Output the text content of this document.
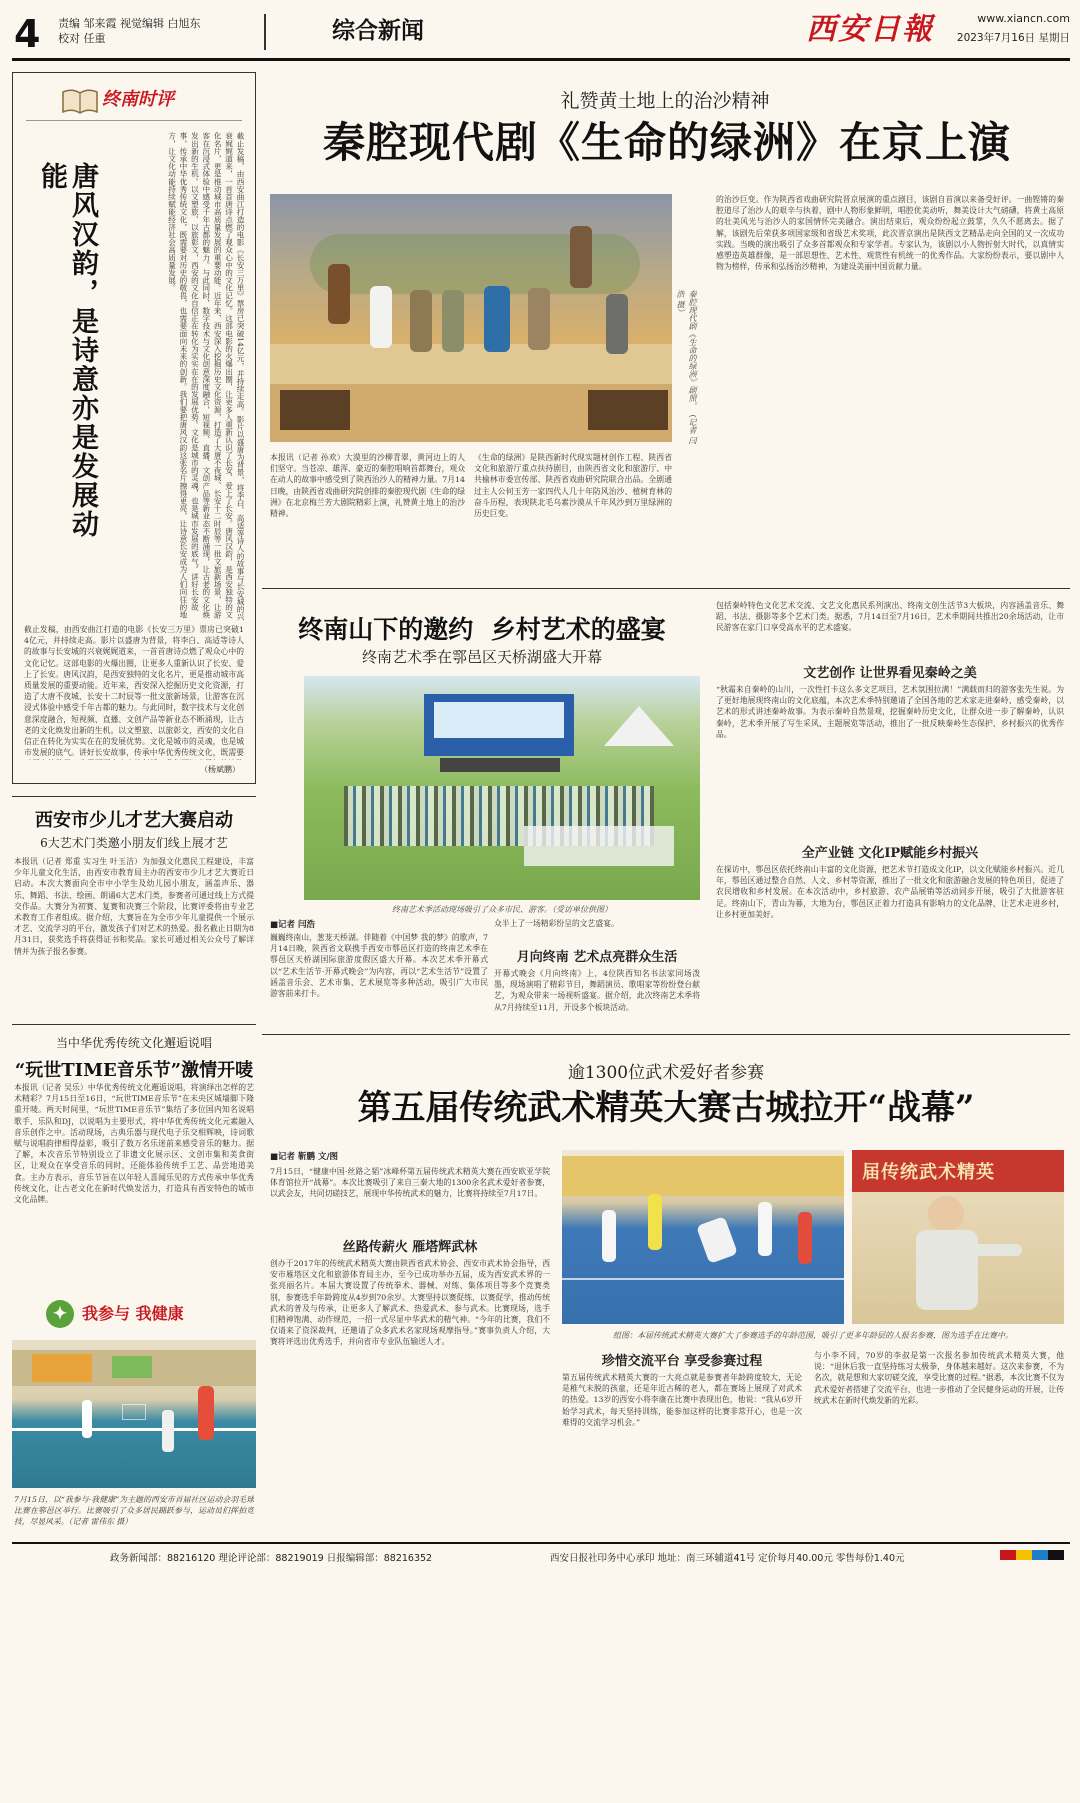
4	责编 邹来霞 视觉编辑 白旭东
校对 任重	综合新闻	西安日報	www.xiancn.com
2023年7月16日 星期日
终南时评
唐风汉韵，是诗意亦是发展动能	截止发稿，由西安曲江打造的电影《长安三万里》票房已突破14亿元，并持续走高。影片以盛唐为背景，将李白、高适等诗人的故事与长安城的兴衰娓娓道来，一首首唐诗点燃了观众心中的文化记忆。这部电影的火爆出圈，让更多人重新认识了长安、爱上了长安。唐风汉韵，是西安独特的文化名片，更是推动城市高质量发展的重要动能。近年来，西安深入挖掘历史文化资源，打造了大唐不夜城、长安十二时辰等一批文旅新场景，让游客在沉浸式体验中感受千年古都的魅力。与此同时，数字技术与文化创意深度融合，短视频、直播、文创产品等新业态不断涌现，让古老的文化焕发出新的生机。以文塑旅、以旅彰文，西安的文化自信正在转化为实实在在的发展优势。文化是城市的灵魂，也是城市发展的底气。讲好长安故事，传承中华优秀传统文化，既需要对历史的敬畏，也需要面向未来的创新。我们要把唐风汉韵这张名片擦得更亮，让诗意长安成为人们向往的地方，让文化动能持续赋能经济社会高质量发展。
截止发稿，由西安曲江打造的电影《长安三万里》票房已突破14亿元，并持续走高。影片以盛唐为背景，将李白、高适等诗人的故事与长安城的兴衰娓娓道来，一首首唐诗点燃了观众心中的文化记忆。这部电影的火爆出圈，让更多人重新认识了长安、爱上了长安。唐风汉韵，是西安独特的文化名片，更是推动城市高质量发展的重要动能。近年来，西安深入挖掘历史文化资源，打造了大唐不夜城、长安十二时辰等一批文旅新场景，让游客在沉浸式体验中感受千年古都的魅力。与此同时，数字技术与文化创意深度融合，短视频、直播、文创产品等新业态不断涌现，让古老的文化焕发出新的生机。以文塑旅、以旅彰文，西安的文化自信正在转化为实实在在的发展优势。文化是城市的灵魂，也是城市发展的底气。讲好长安故事，传承中华优秀传统文化，既需要
（杨斌鹏）
西安市少儿才艺大赛启动
6大艺术门类邀小朋友们线上展才艺
本报讯（记者 郑重 实习生 叶玉洁）为加强文化惠民工程建设，丰富少年儿童文化生活，由西安市教育局主办的西安市少儿才艺大赛近日启动。本次大赛面向全市中小学生及幼儿园小朋友，涵盖声乐、器乐、舞蹈、书法、绘画、朗诵6大艺术门类，参赛者可通过线上方式提交作品。大赛分为初赛、复赛和决赛三个阶段，比赛评委将由专业艺术教育工作者组成。据介绍，大赛旨在为全市少年儿童提供一个展示才艺、交流学习的平台，激发孩子们对艺术的热爱。报名截止日期为8月31日，获奖选手将获得证书和奖品。家长可通过相关公众号了解详情并为孩子报名参赛。
当中华优秀传统文化邂逅说唱
“玩世TIME音乐节”激情开唛
本报讯（记者 吴乐）中华优秀传统文化邂逅说唱，将演绎出怎样的艺术精彩？7月15日至16日，“玩世TIME音乐节”在未央区城墙脚下隆重开唛。两天时间里，“玩世TIME音乐节”集结了多位国内知名说唱歌手、乐队和DJ，以说唱为主要形式，将中华优秀传统文化元素融入音乐创作之中。活动现场，古典乐器与现代电子乐交相辉映，诗词歌赋与说唱韵律相得益彰，吸引了数万名乐迷前来感受音乐的魅力。据了解，本次音乐节特别设立了非遗文化展示区、文创市集和美食街区，让观众在享受音乐的同时，还能体验传统手工艺、品尝地道美食。主办方表示，音乐节旨在以年轻人喜闻乐见的方式传承中华优秀传统文化，让古老文化在新时代焕发活力，打造具有西安特色的城市文化品牌。
✦ 我参与 我健康
7月15日，以“我参与·我健康”为主题的西安市首届社区运动会羽毛球比赛在鄠邑区举行。比赛吸引了众多居民踊跃参与，运动员们挥拍竞技，尽显风采。（记者 雷伟东 摄）
礼赞黄土地上的治沙精神
秦腔现代剧《生命的绿洲》在京上演
秦腔现代剧《生命的绿洲》剧照。（记者 闫浩 摄）
本报讯（记者 孙欢）大漠里的沙柳青翠，黄河边上的人们坚守。当苍凉、雄浑、豪迈的秦腔唱响首都舞台，观众在动人的故事中感受到了陕西治沙人的精神力量。7月14日晚，由陕西省戏曲研究院创排的秦腔现代剧《生命的绿洲》在北京梅兰芳大剧院精彩上演，礼赞黄土地上的治沙精神。
《生命的绿洲》是陕西新时代现实题材创作工程、陕西省文化和旅游厅重点扶持剧目，由陕西省文化和旅游厅、中共榆林市委宣传部、陕西省戏曲研究院联合出品。全剧通过主人公何玉芳一家四代人几十年防风治沙、植树育林的奋斗历程，表现陕北毛乌素沙漠从千年风沙到万里绿洲的历史巨变。
的治沙巨变。作为陕西省戏曲研究院晋京展演的重点剧目，该剧自首演以来备受好评。一曲铿锵的秦腔道尽了治沙人的艰辛与执着，剧中人物形象鲜明，唱腔优美动听，舞美设计大气磅礴，将黄土高原的壮美风光与治沙人的家国情怀完美融合。演出结束后，观众纷纷起立鼓掌，久久不愿离去。据了解，该剧先后荣获多项国家级和省级艺术奖项，此次晋京演出是陕西文艺精品走向全国的又一次成功实践。当晚的演出吸引了众多首都观众和专家学者。专家认为，该剧以小人物折射大时代，以真情实感塑造英雄群像，是一部思想性、艺术性、观赏性有机统一的优秀作品。大家纷纷表示，要以剧中人物为榜样，传承和弘扬治沙精神，为建设美丽中国贡献力量。
终南山下的邀约  乡村艺术的盛宴
终南艺术季在鄠邑区天桥湖盛大开幕
终南艺术季活动现场吸引了众多市民、游客。（受访单位供图）
■记者 闫浩
巍巍终南山，葱茏天桥湖。伴随着《中国梦 我的梦》的歌声，7月14日晚，陕西省文联携手西安市鄠邑区打造的终南艺术季在鄠邑区天桥湖国际旅游度假区盛大开幕。本次艺术季开幕式以“艺术生活节·开幕式晚会”为内容，再以“艺术生活节”设置了涵盖音乐会、艺术市集、艺术展览等多种活动，吸引广大市民游客前来打卡。
众半上了一场精彩纷呈的文艺盛宴。
月向终南 艺术点亮群众生活
开幕式晚会《月向终南》上，4位陕西知名书法家同场泼墨，现场演唱了精彩节目，舞蹈演员、歌唱家等纷纷登台献艺，为观众带来一场视听盛宴。据介绍，此次终南艺术季将从7月持续至11月，开设多个板块活动。
包括秦岭特色文化艺术交流、文艺文化惠民系列演出、终南文创生活节3大板块，内容涵盖音乐、舞蹈、书法、摄影等多个艺术门类。据悉，7月14日至7月16日，艺术季期间共推出20余场活动，让市民游客在家门口享受高水平的艺术盛宴。
文艺创作 让世界看见秦岭之美
“秋霜来自秦岭的山川，一次性打卡这么多文艺项目，艺术氛围拉满！”满载而归的游客张先生说。为了更好地展现终南山的文化底蕴，本次艺术季特别邀请了全国各地的艺术家走进秦岭、感受秦岭，以艺术的形式讲述秦岭故事。为表示秦岭自然景观，挖掘秦岭历史文化，让群众进一步了解秦岭，认识秦岭，艺术季开展了写生采风、主题展览等活动，推出了一批反映秦岭生态保护、乡村振兴的优秀作品。
全产业链 文化IP赋能乡村振兴
在探访中，鄠邑区依托终南山丰富的文化资源，把艺术节打造成文化IP，以文化赋能乡村振兴。近几年，鄠邑区通过整合自然、人文、乡村等资源，推出了一批文化和旅游融合发展的特色项目，促进了农民增收和乡村发展。在本次活动中，乡村旅游、农产品展销等活动同步开展，吸引了大批游客驻足。终南山下，青山为幕，大地为台，鄠邑区正着力打造具有影响力的文化品牌，让艺术走进乡村，让乡村更加美好。
逾1300位武术爱好者参赛
第五届传统武术精英大赛古城拉开“战幕”
■记者 靳鹏 文/图
7月15日，“健康中国·丝路之韬”冰峰杯第五届传统武术精英大赛在西安欧亚学院体育馆拉开“战幕”。本次比赛吸引了来自三秦大地的1300余名武术爱好者参赛，以武会友，共同切磋技艺，展现中华传统武术的魅力，比赛将持续至7月17日。
丝路传薪火 雁塔辉武林
创办于2017年的传统武术精英大赛由陕西省武术协会、西安市武术协会指导，西安市雁塔区文化和旅游体育局主办，至今已成功举办五届，成为西安武术界的一张亮丽名片。本届大赛设置了传统拳术、器械、对练、集体项目等多个竞赛类别，参赛选手年龄跨度从4岁到70余岁。大赛坚持以赛促练、以赛促学，推动传统武术的普及与传承，让更多人了解武术、热爱武术、参与武术。比赛现场，选手们精神饱满、动作规范，一招一式尽显中华武术的精气神。“今年的比赛，我们不仅请来了资深裁判，还邀请了众多武术名家现场观摩指导。”赛事负责人介绍，大赛将评选出优秀选手，并向省市专业队伍输送人才。
届传统武术精英
组图：本届传统武术精英大赛扩大了参赛选手的年龄范围，吸引了更多年龄层的人报名参赛，图为选手在比赛中。
珍惜交流平台 享受参赛过程
第五届传统武术精英大赛的一大亮点就是参赛者年龄跨度较大，无论是稚气未脱的孩童，还是年近古稀的老人，都在赛场上展现了对武术的热爱。13岁的西安小将李康在比赛中表现出色，他说：“我从6岁开始学习武术，每天坚持训练，能参加这样的比赛非常开心，也是一次难得的交流学习机会。”
与小李不同，70岁的李叔是第一次报名参加传统武术精英大赛，他说：“退休后我一直坚持练习太极拳，身体越来越好。这次来参赛，不为名次，就是想和大家切磋交流，享受比赛的过程。”据悉，本次比赛不仅为武术爱好者搭建了交流平台，也进一步推动了全民健身运动的开展，让传统武术在新时代焕发新的光彩。
政务新闻部：88216120 理论评论部：88219019 日报编辑部：88216352	西安日报社印务中心承印 地址：南三环辅道41号 定价每月40.00元 零售每份1.40元
